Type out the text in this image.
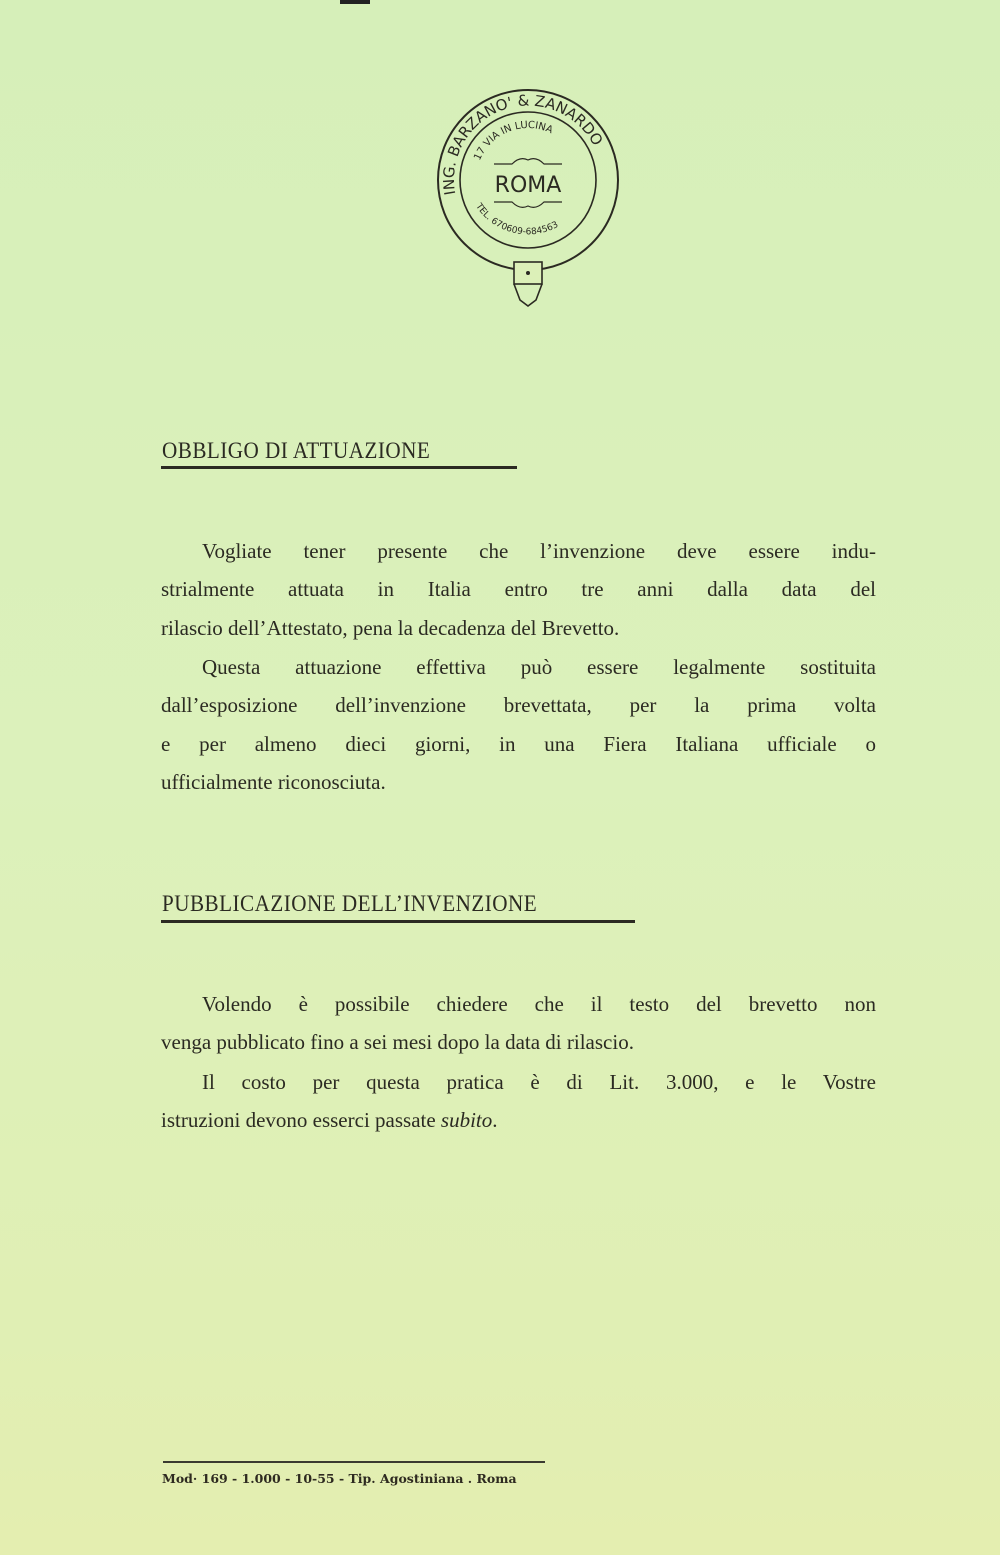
ING. BARZANO' & ZANARDO
17 VIA IN LUCINA
TEL. 670609-684563
ROMA
OBBLIGO DI ATTUAZIONE
Vogliate tener presente che l’invenzione deve essere indu-
strialmente attuata in Italia entro tre anni dalla data del
rilascio dell’Attestato, pena la decadenza del Brevetto.
Questa attuazione effettiva può essere legalmente sostituita
dall’esposizione dell’invenzione brevettata, per la prima volta
e per almeno dieci giorni, in una Fiera Italiana ufficiale o
ufficialmente riconosciuta.
PUBBLICAZIONE DELL’INVENZIONE
Volendo è possibile chiedere che il testo del brevetto non
venga pubblicato fino a sei mesi dopo la data di rilascio.
Il costo per questa pratica è di Lit. 3.000, e le Vostre
istruzioni devono esserci passate subito.
Mod· 169 - 1.000 - 10-55 - Tip. Agostiniana . Roma
